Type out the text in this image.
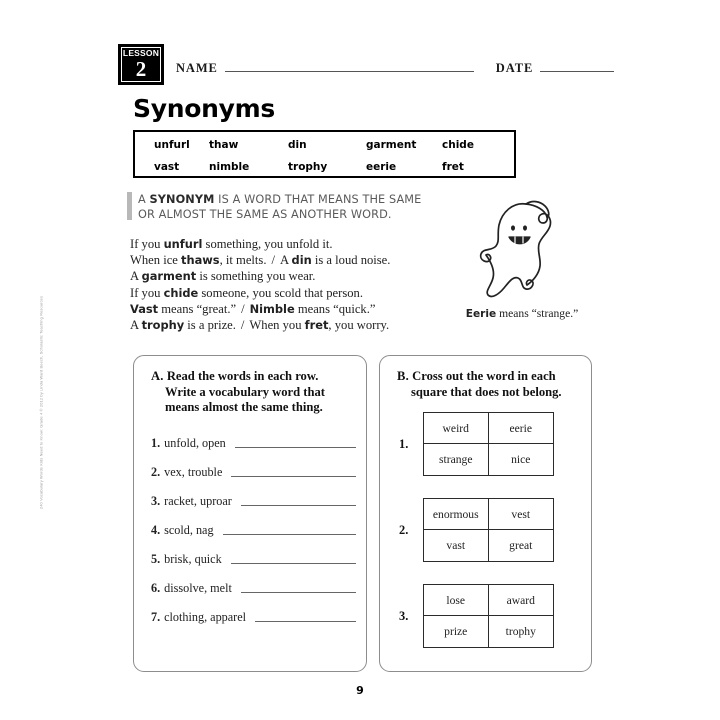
LESSON
2 NAME	DATE
Synonyms
unfurl	thaw	din	garment	chide
vast	nimble	trophy	eerie	fret
A SYNONYM IS A WORD THAT MEANS THE SAME
OR ALMOST THE SAME AS ANOTHER WORD.
If you unfurl something, you unfold it.
When ice thaws, it melts. / A din is a loud noise.
A garment is something you wear.
If you chide someone, you scold that person.
Vast means “great.” / Nimble means “quick.”
A trophy is a prize. / When you fret, you worry.
Eerie means “strange.”
A. Read the words in each row.
Write a vocabulary word that
means almost the same thing.
1. unfold, open
2. vex, trouble
3. racket, uproar
4. scold, nag
5. brisk, quick
6. dissolve, melt
7. clothing, apparel
B. Cross out the word in each
square that does not belong.
1.
weird	eerie
strange	nice
2.
enormous	vest
vast	great
3.
lose	award
prize	trophy
240 Vocabulary Words Kids Need to Know: Grade 4 © 2012 by Linda Ward Beech, Scholastic Teaching Resources
9
